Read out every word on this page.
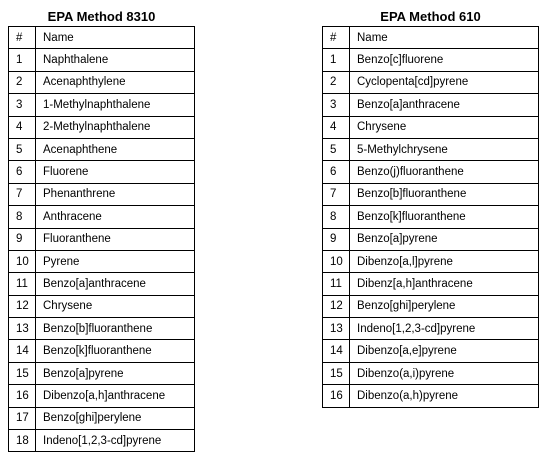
EPA Method 8310
#	Name
1	Naphthalene
2	Acenaphthylene
3	1-Methylnaphthalene
4	2-Methylnaphthalene
5	Acenaphthene
6	Fluorene
7	Phenanthrene
8	Anthracene
9	Fluoranthene
10	Pyrene
11	Benzo[a]anthracene
12	Chrysene
13	Benzo[b]fluoranthene
14	Benzo[k]fluoranthene
15	Benzo[a]pyrene
16	Dibenzo[a,h]anthracene
17	Benzo[ghi]perylene
18	Indeno[1,2,3-cd]pyrene
EPA Method 610
#	Name
1	Benzo[c]fluorene
2	Cyclopenta[cd]pyrene
3	Benzo[a]anthracene
4	Chrysene
5	5-Methylchrysene
6	Benzo(j)fluoranthene
7	Benzo[b]fluoranthene
8	Benzo[k]fluoranthene
9	Benzo[a]pyrene
10	Dibenzo[a,l]pyrene
11	Dibenz[a,h]anthracene
12	Benzo[ghi]perylene
13	Indeno[1,2,3-cd]pyrene
14	Dibenzo[a,e]pyrene
15	Dibenzo(a,i)pyrene
16	Dibenzo(a,h)pyrene
